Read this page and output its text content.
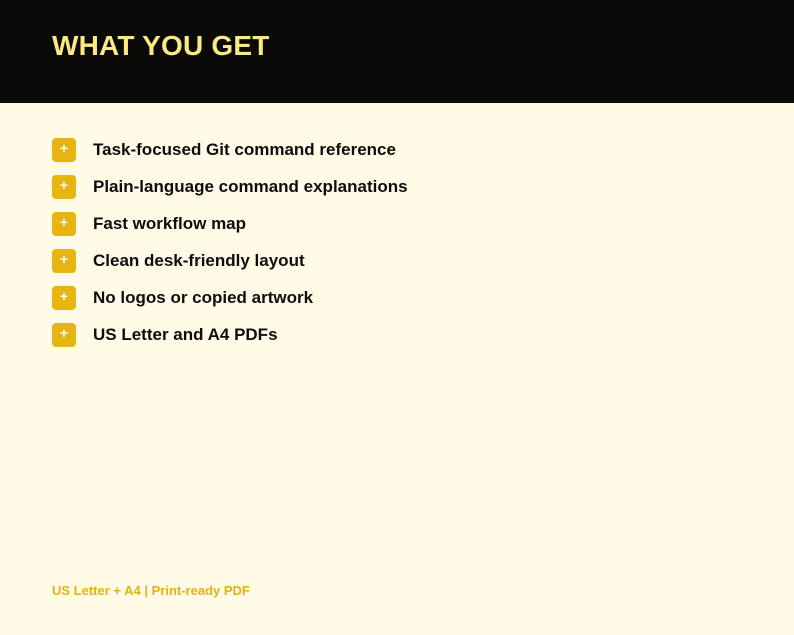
WHAT YOU GET
+	Task-focused Git command reference
+	Plain-language command explanations
+	Fast workflow map
+	Clean desk-friendly layout
+	No logos or copied artwork
+	US Letter and A4 PDFs
US Letter + A4 | Print-ready PDF
